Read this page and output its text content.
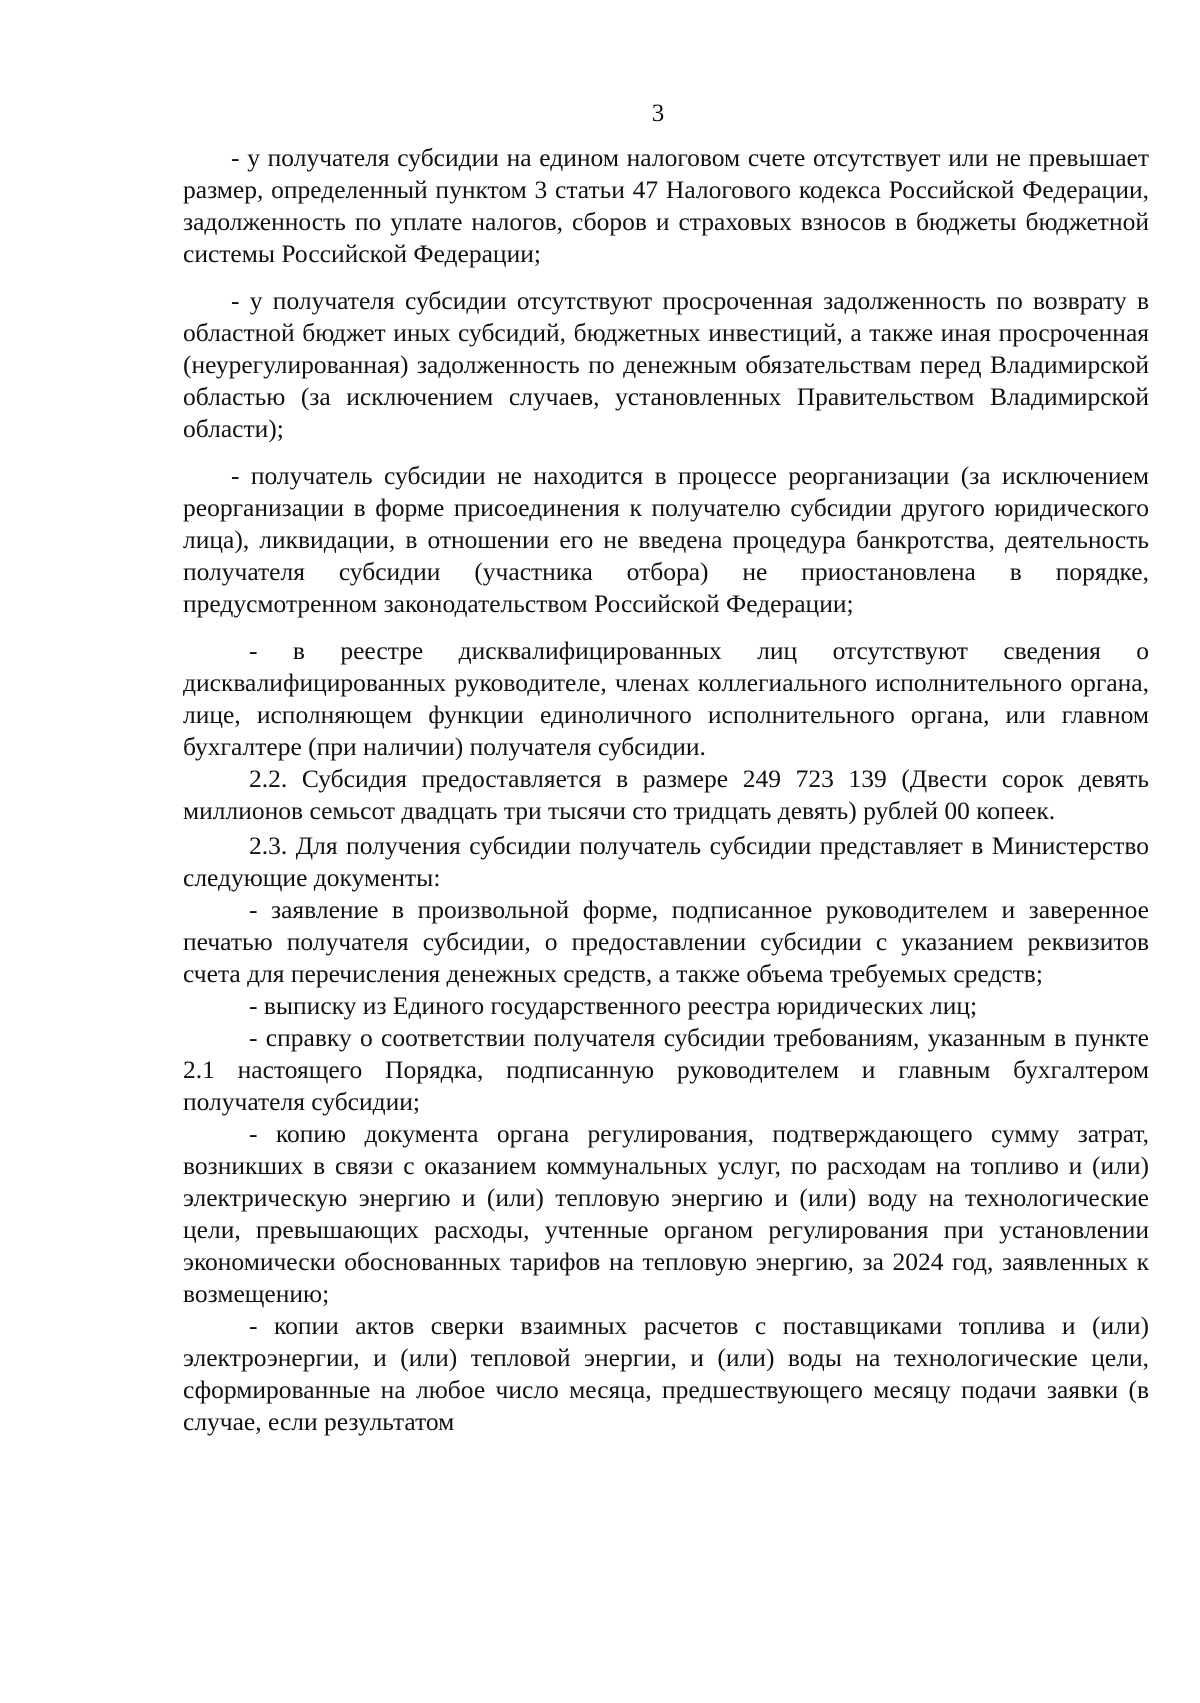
3

- у получателя субсидии на едином налоговом счете отсутствует или не превышает размер, определенный пунктом 3 статьи 47 Налогового кодекса Российской Федерации, задолженность по уплате налогов, сборов и страховых взносов в бюджеты бюджетной системы Российской Федерации;

- у получателя субсидии отсутствуют просроченная задолженность по возврату в областной бюджет иных субсидий, бюджетных инвестиций, а также иная просроченная (неурегулированная) задолженность по денежным обязательствам перед Владимирской областью (за исключением случаев, установленных Правительством Владимирской области);

- получатель субсидии не находится в процессе реорганизации (за исключением реорганизации в форме присоединения к получателю субсидии другого юридического лица), ликвидации, в отношении его не введена процедура банкротства, деятельность получателя субсидии (участника отбора) не приостановлена в порядке, предусмотренном законодательством Российской Федерации;

- в реестре дисквалифицированных лиц отсутствуют сведения о дисквалифицированных руководителе, членах коллегиального исполнительного органа, лице, исполняющем функции единоличного исполнительного органа, или главном бухгалтере (при наличии) получателя субсидии.

2.2. Субсидия предоставляется в размере 249 723 139 (Двести сорок девять миллионов семьсот двадцать три тысячи сто тридцать девять) рублей 00 копеек.

2.3. Для получения субсидии получатель субсидии представляет в Министерство следующие документы:

- заявление в произвольной форме, подписанное руководителем и заверенное печатью получателя субсидии, о предоставлении субсидии с указанием реквизитов счета для перечисления денежных средств, а также объема требуемых средств;

- выписку из Единого государственного реестра юридических лиц;

- справку о соответствии получателя субсидии требованиям, указанным в пункте 2.1 настоящего Порядка, подписанную руководителем и главным бухгалтером получателя субсидии;

- копию документа органа регулирования, подтверждающего сумму затрат, возникших в связи с оказанием коммунальных услуг, по расходам на топливо и (или) электрическую энергию и (или) тепловую энергию и (или) воду на технологические цели, превышающих расходы, учтенные органом регулирования при установлении экономически обоснованных тарифов на тепловую энергию, за 2024 год, заявленных к возмещению;

- копии актов сверки взаимных расчетов с поставщиками топлива и (или) электроэнергии, и (или) тепловой энергии, и (или) воды на технологические цели, сформированные на любое число месяца, предшествующего месяцу подачи заявки (в случае, если результатом
